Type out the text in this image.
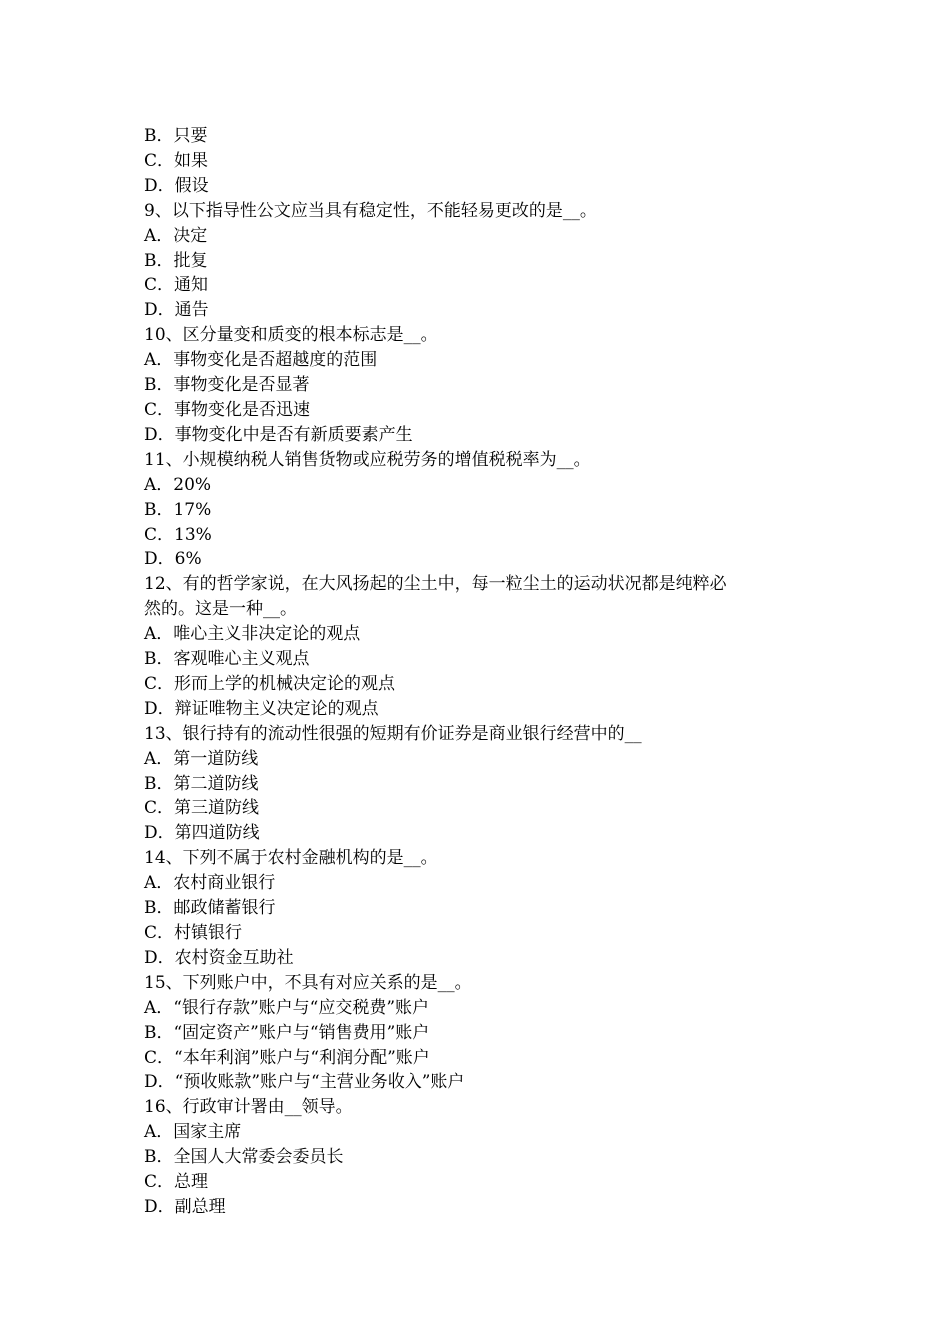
B．只要

C．如果

D．假设

9、以下指导性公文应当具有稳定性，不能轻易更改的是__。

A．决定

B．批复

C．通知

D．通告

10、区分量变和质变的根本标志是__。

A．事物变化是否超越度的范围

B．事物变化是否显著

C．事物变化是否迅速

D．事物变化中是否有新质要素产生

11、小规模纳税人销售货物或应税劳务的增值税税率为__。

A．20%

B．17%

C．13%

D．6%

12、有的哲学家说，在大风扬起的尘土中，每一粒尘土的运动状况都是纯粹必

然的。这是一种__。

A．唯心主义非决定论的观点

B．客观唯心主义观点

C．形而上学的机械决定论的观点

D．辩证唯物主义决定论的观点

13、银行持有的流动性很强的短期有价证券是商业银行经营中的__

A．第一道防线

B．第二道防线

C．第三道防线

D．第四道防线

14、下列不属于农村金融机构的是__。

A．农村商业银行

B．邮政储蓄银行

C．村镇银行

D．农村资金互助社

15、下列账户中，不具有对应关系的是__。

A．“银行存款”账户与“应交税费”账户

B．“固定资产”账户与“销售费用”账户

C．“本年利润”账户与“利润分配”账户

D．“预收账款”账户与“主营业务收入”账户

16、行政审计署由__领导。

A．国家主席

B．全国人大常委会委员长

C．总理

D．副总理
